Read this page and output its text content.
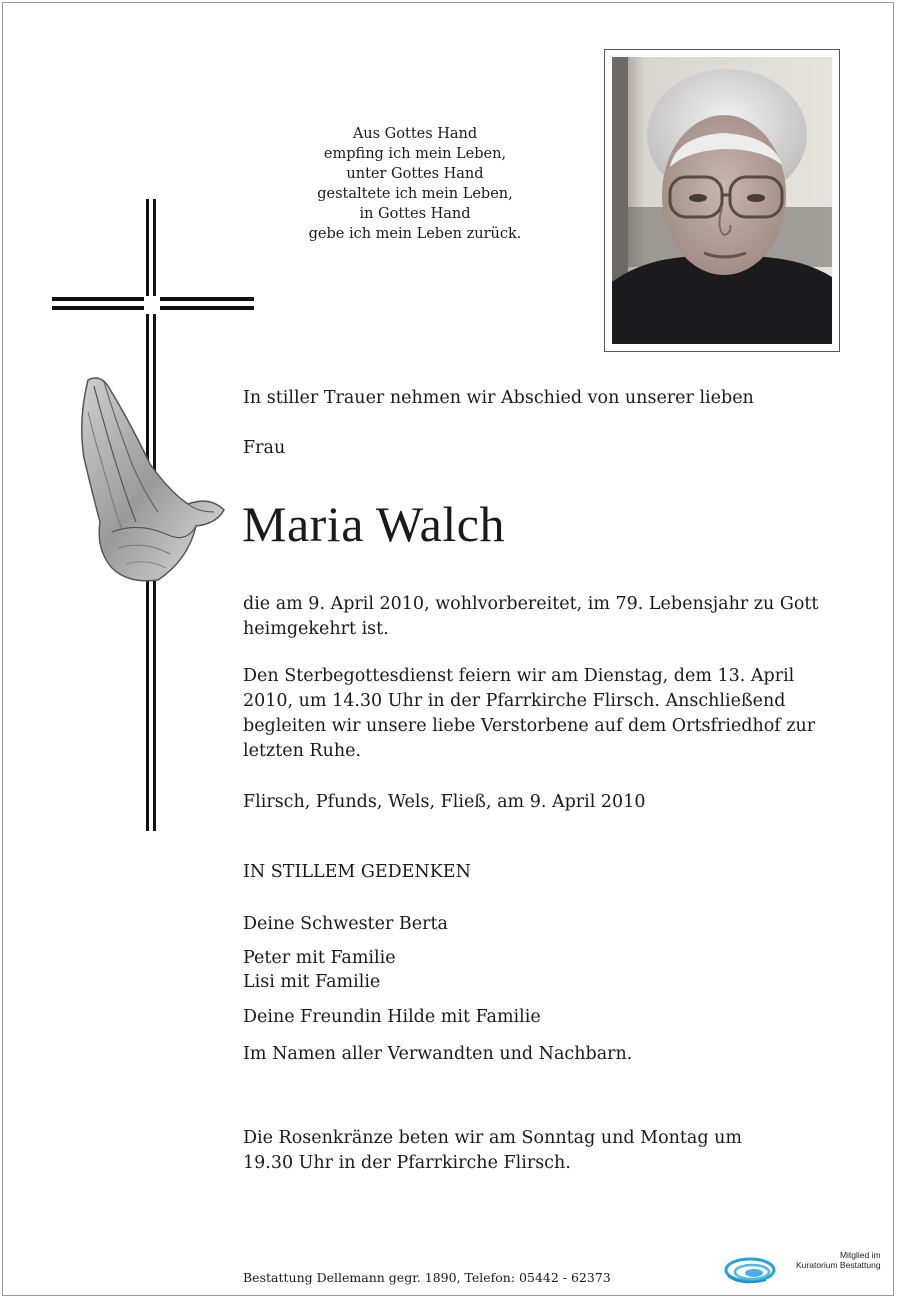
Aus Gottes Hand
empfing ich mein Leben,
unter Gottes Hand
gestaltete ich mein Leben,
in Gottes Hand
gebe ich mein Leben zurück.
In stiller Trauer nehmen wir Abschied von unserer lieben
Frau
Maria Walch
die am 9. April 2010, wohlvorbereitet, im 79. Lebensjahr zu Gott
heimgekehrt ist.
Den Sterbegottesdienst feiern wir am Dienstag, dem 13. April
2010, um 14.30 Uhr in der Pfarrkirche Flirsch. Anschließend
begleiten wir unsere liebe Verstorbene auf dem Ortsfriedhof zur
letzten Ruhe.
Flirsch, Pfunds, Wels, Fließ, am 9. April 2010
IN STILLEM GEDENKEN
Deine Schwester Berta
Peter mit Familie
Lisi mit Familie
Deine Freundin Hilde mit Familie
Im Namen aller Verwandten und Nachbarn.
Die Rosenkränze beten wir am Sonntag und Montag um
19.30 Uhr in der Pfarrkirche Flirsch.
Bestattung Dellemann gegr. 1890, Telefon: 05442 - 62373
Mitglied im
Kuratorium Bestattung
